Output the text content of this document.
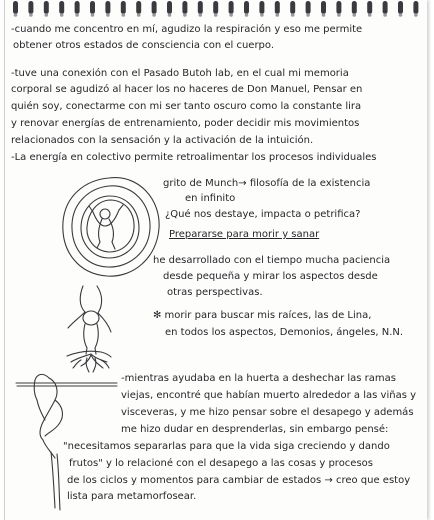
-cuando me concentro en mí, agudizo la respiración y eso me permite

obtener otros estados de consciencia con el cuerpo.

-tuve una conexión con el Pasado Butoh lab, en el cual mi memoria

corporal se agudizó al hacer los no haceres de Don Manuel, Pensar en

quién soy, conectarme con mi ser tanto oscuro como la constante lira

y renovar energías de entrenamiento, poder decidir mis movimientos

relacionados con la sensación y la activación de la intuición.

-La energía en colectivo permite retroalimentar los procesos individuales

grito de Munch→ filosofía de la existencia

en infinito

¿Qué nos destaye, impacta o petrifica?

Prepararse para morir y sanar

he desarrollado con el tiempo mucha paciencia

desde pequeña y mirar los aspectos desde

otras perspectivas.

✻ morir para buscar mis raíces, las de Lina,

en todos los aspectos, Demonios, ángeles, N.N.

-mientras ayudaba en la huerta a deshechar las ramas

viejas, encontré que habían muerto alrededor a las viñas y

visceveras, y me hizo pensar sobre el desapego y además

me hizo dudar en desprenderlas, sin embargo pensé:

"necesitamos separarlas para que la vida siga creciendo y dando

frutos" y lo relacioné con el desapego a las cosas y procesos

de los ciclos y momentos para cambiar de estados → creo que estoy

lista para metamorfosear.
